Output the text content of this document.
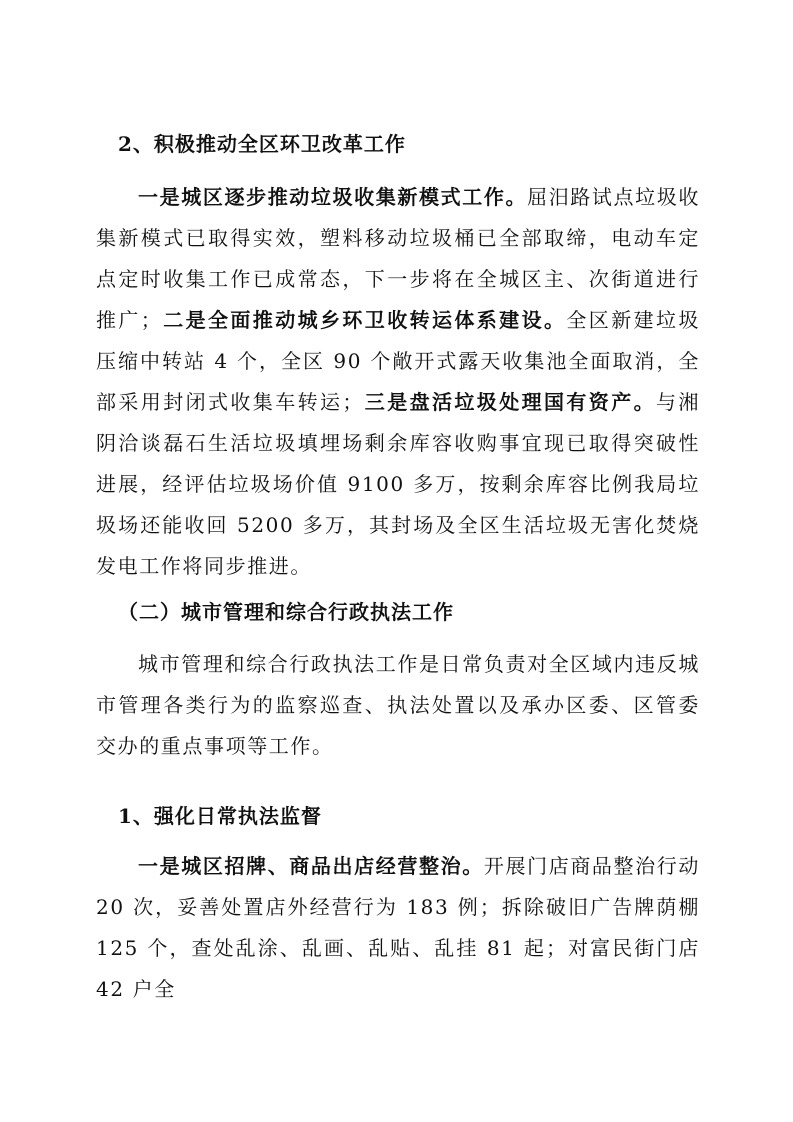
2、积极推动全区环卫改革工作

一是城区逐步推动垃圾收集新模式工作。屈汨路试点垃圾收集新模式已取得实效，塑料移动垃圾桶已全部取缔，电动车定点定时收集工作已成常态，下一步将在全城区主、次街道进行推广；二是全面推动城乡环卫收转运体系建设。全区新建垃圾压缩中转站 4 个，全区 90 个敞开式露天收集池全面取消，全部采用封闭式收集车转运；三是盘活垃圾处理国有资产。与湘阴洽谈磊石生活垃圾填埋场剩余库容收购事宜现已取得突破性进展，经评估垃圾场价值 9100 多万，按剩余库容比例我局垃圾场还能收回 5200 多万，其封场及全区生活垃圾无害化焚烧发电工作将同步推进。

（二）城市管理和综合行政执法工作

城市管理和综合行政执法工作是日常负责对全区域内违反城市管理各类行为的监察巡查、执法处置以及承办区委、区管委交办的重点事项等工作。

1、强化日常执法监督

一是城区招牌、商品出店经营整治。开展门店商品整治行动 20 次，妥善处置店外经营行为 183 例；拆除破旧广告牌荫棚 125 个，查处乱涂、乱画、乱贴、乱挂 81 起；对富民街门店 42 户全
